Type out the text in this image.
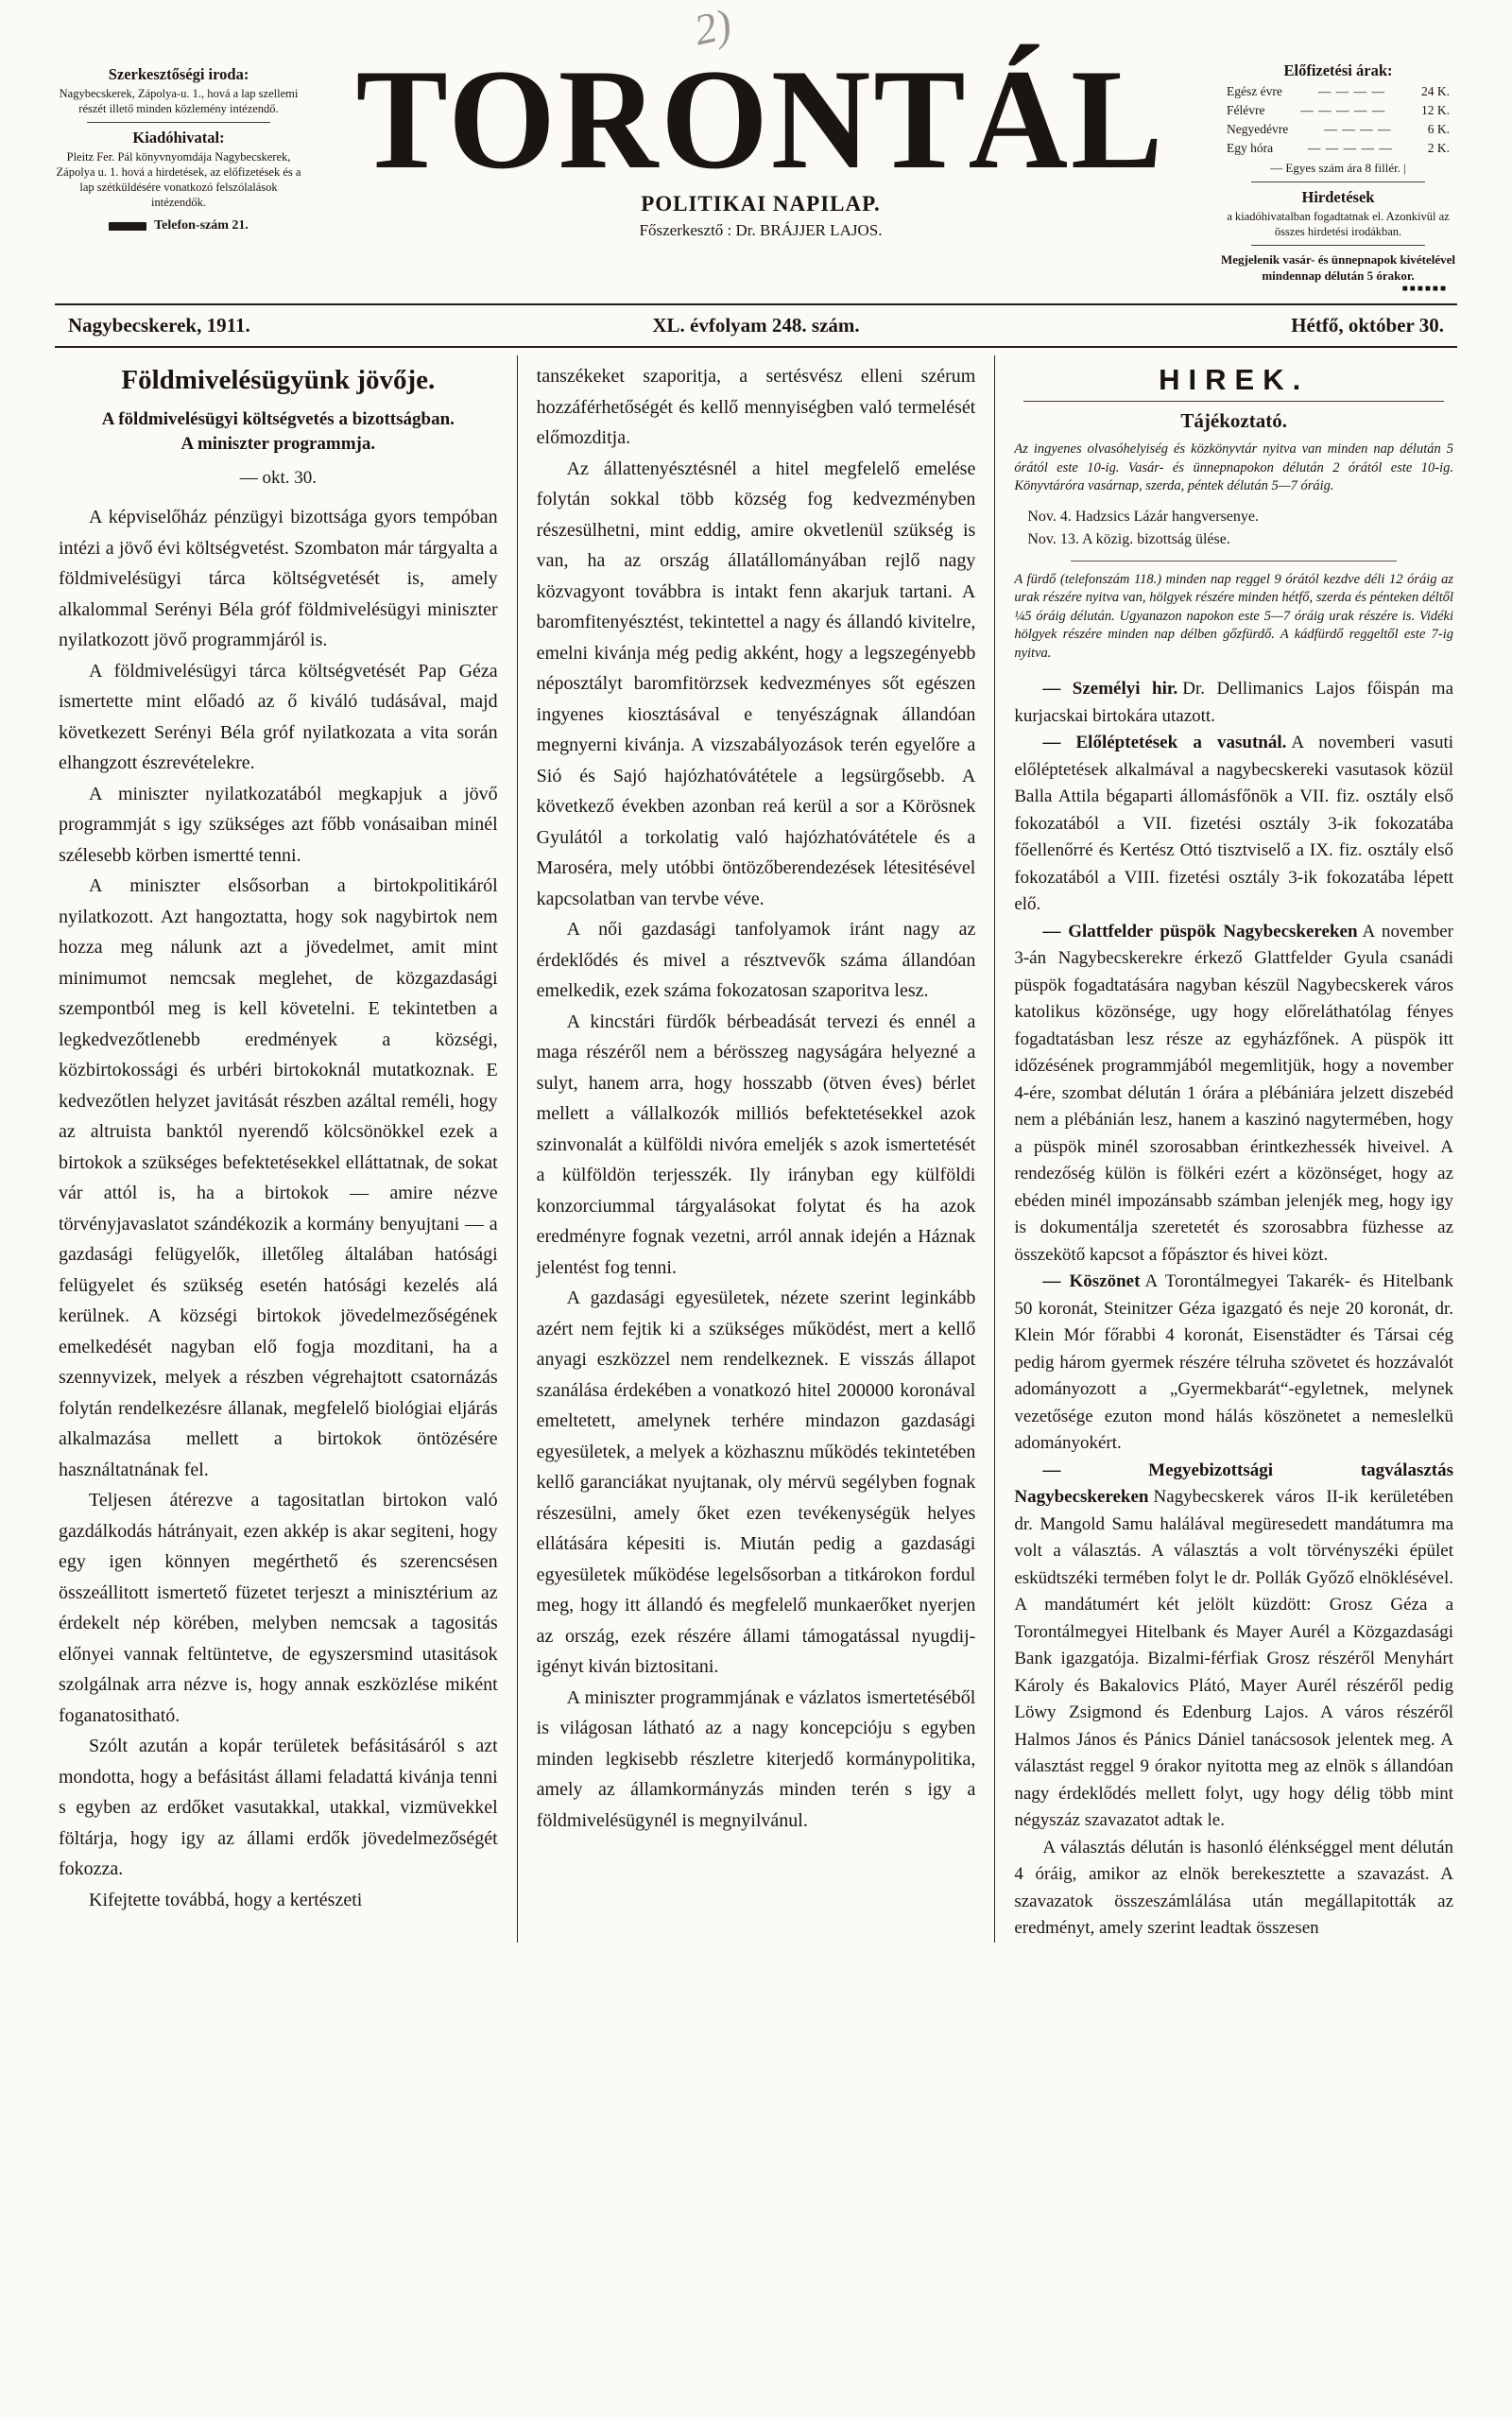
2)
Szerkesztőségi iroda:
Nagybecskerek, Zápolya-u. 1., hová a lap szellemi részét illető minden közlemény intézendő.
Kiadóhivatal:
Pleitz Fer. Pál könyvnyomdája Nagybecskerek, Zápolya u. 1. hová a hirdetések, az előfizetések és a lap szétküldésére vonatkozó felszólalások intézendők.
Telefon-szám 21.
TORONTÁL
POLITIKAI NAPILAP.
Főszerkesztő : Dr. BRÁJJER LAJOS.
Előfizetési árak:
Egész évre	— — — —	24 K.
Félévre	— — — — —	12 K.
Negyedévre	— — — —	6 K.
Egy hóra	— — — — —	2 K.
— Egyes szám ára 8 fillér. |
Hirdetések
a kiadóhivatalban fogadtatnak el. Azonkivül az összes hirdetési irodákban.
Megjelenik vasár- és ünnepnapok kivételével mindennap délután 5 órakor.
■■■■■■
Nagybecskerek, 1911.	XL. évfolyam 248. szám.	Hétfő, október 30.
Földmivelésügyünk jövője.
A földmivelésügyi költségvetés a bizottságban.
A miniszter programmja.
— okt. 30.

A képviselőház pénzügyi bizottsága gyors tempóban intézi a jövő évi költségvetést. Szombaton már tárgyalta a földmivelésügyi tárca költségvetését is, amely alkalommal Serényi Béla gróf földmivelésügyi miniszter nyilatkozott jövő programmjáról is.

A földmivelésügyi tárca költségvetését Pap Géza ismertette mint előadó az ő kiváló tudásával, majd következett Serényi Béla gróf nyilatkozata a vita során elhangzott észrevételekre.

A miniszter nyilatkozatából megkapjuk a jövő programmját s igy szükséges azt főbb vonásaiban minél szélesebb körben ismertté tenni.

A miniszter elsősorban a birtokpolitikáról nyilatkozott. Azt hangoztatta, hogy sok nagybirtok nem hozza meg nálunk azt a jövedelmet, amit mint minimumot nemcsak meglehet, de közgazdasági szempontból meg is kell követelni. E tekintetben a legkedvezőtlenebb eredmények a községi, közbirtokossági és urbéri birtokoknál mutatkoznak. E kedvezőtlen helyzet javitását részben azáltal reméli, hogy az altruista banktól nyerendő kölcsönökkel ezek a birtokok a szükséges befektetésekkel elláttatnak, de sokat vár attól is, ha a birtokok — amire nézve törvényjavaslatot szándékozik a kormány benyujtani — a gazdasági felügyelők, illetőleg általában hatósági felügyelet és szükség esetén hatósági kezelés alá kerülnek. A községi birtokok jövedelmezőségének emelkedését nagyban elő fogja mozditani, ha a szennyvizek, melyek a részben végrehajtott csatornázás folytán rendelkezésre állanak, megfelelő biológiai eljárás alkalmazása mellett a birtokok öntözésére használtatnának fel.

Teljesen átérezve a tagositatlan birtokon való gazdálkodás hátrányait, ezen akkép is akar segiteni, hogy egy igen könnyen megérthető és szerencsésen összeállitott ismertető füzetet terjeszt a minisztérium az érdekelt nép körében, melyben nemcsak a tagositás előnyei vannak feltüntetve, de egyszersmind utasitások szolgálnak arra nézve is, hogy annak eszközlése miként foganatositható.

Szólt azután a kopár területek befásitásáról s azt mondotta, hogy a befásitást állami feladattá kivánja tenni s egyben az erdőket vasutakkal, utakkal, vizmüvekkel föltárja, hogy igy az állami erdők jövedelmezőségét fokozza.

Kifejtette továbbá, hogy a kertészeti

tanszékeket szaporitja, a sertésvész elleni szérum hozzáférhetőségét és kellő mennyiségben való termelését előmozditja.

Az állattenyésztésnél a hitel megfelelő emelése folytán sokkal több község fog kedvezményben részesülhetni, mint eddig, amire okvetlenül szükség is van, ha az ország állatállományában rejlő nagy közvagyont továbbra is intakt fenn akarjuk tartani. A baromfitenyésztést, tekintettel a nagy és állandó kivitelre, emelni kivánja még pedig akként, hogy a legszegényebb néposztályt baromfitörzsek kedvezményes sőt egészen ingyenes kiosztásával e tenyészágnak állandóan megnyerni kivánja. A vizszabályozások terén egyelőre a Sió és Sajó hajózhatóvátétele a legsürgősebb. A következő években azonban reá kerül a sor a Körösnek Gyulától a torkolatig való hajózhatóvátétele és a Maroséra, mely utóbbi öntözőberendezések létesitésével kapcsolatban van tervbe véve.

A női gazdasági tanfolyamok iránt nagy az érdeklődés és mivel a résztvevők száma állandóan emelkedik, ezek száma fokozatosan szaporitva lesz.

A kincstári fürdők bérbeadását tervezi és ennél a maga részéről nem a bérösszeg nagyságára helyezné a sulyt, hanem arra, hogy hosszabb (ötven éves) bérlet mellett a vállalkozók milliós befektetésekkel azok szinvonalát a külföldi nivóra emeljék s azok ismertetését a külföldön terjesszék. Ily irányban egy külföldi konzorciummal tárgyalásokat folytat és ha azok eredményre fognak vezetni, arról annak idején a Háznak jelentést fog tenni.

A gazdasági egyesületek, nézete szerint leginkább azért nem fejtik ki a szükséges működést, mert a kellő anyagi eszközzel nem rendelkeznek. E visszás állapot szanálása érdekében a vonatkozó hitel 200000 koronával emeltetett, amelynek terhére mindazon gazdasági egyesületek, a melyek a közhasznu működés tekintetében kellő garanciákat nyujtanak, oly mérvü segélyben fognak részesülni, amely őket ezen tevékenységük helyes ellátására képesiti is. Miután pedig a gazdasági egyesületek működése legelsősorban a titkárokon fordul meg, hogy itt állandó és megfelelő munkaerőket nyerjen az ország, ezek részére állami támogatással nyugdij-igényt kiván biztositani.

A miniszter programmjának e vázlatos ismertetéséből is világosan látható az a nagy koncepcióju s egyben minden legkisebb részletre kiterjedő kormánypolitika, amely az államkormányzás minden terén s igy a földmivelésügynél is megnyilvánul.

HIREK.
Tájékoztató.

Az ingyenes olvasóhelyiség és közkönyvtár nyitva van minden nap délután 5 órától este 10-ig. Vasár- és ünnepnapokon délután 2 órától este 10-ig. Könyvtáróra vasárnap, szerda, péntek délután 5—7 óráig.

Nov. 4. Hadzsics Lázár hangversenye.

Nov. 13. A közig. bizottság ülése.

A fürdő (telefonszám 118.) minden nap reggel 9 órától kezdve déli 12 óráig az urak részére nyitva van, hölgyek részére minden hétfő, szerda és pénteken déltől ¼5 óráig délután. Ugyanazon napokon este 5—7 óráig urak részére is. Vidéki hölgyek részére minden nap délben gőzfürdő. A kádfürdő reggeltől este 7-ig nyitva.

— Személyi hir. Dr. Dellimanics Lajos főispán ma kurjacskai birtokára utazott.

— Előléptetések a vasutnál. A novemberi vasuti előléptetések alkalmával a nagybecskereki vasutasok közül Balla Attila bégaparti állomásfőnök a VII. fiz. osztály első fokozatából a VII. fizetési osztály 3-ik fokozatába főellenőrré és Kertész Ottó tisztviselő a IX. fiz. osztály első fokozatából a VIII. fizetési osztály 3-ik fokozatába lépett elő.

— Glattfelder püspök Nagybecskereken A november 3-án Nagybecskerekre érkező Glattfelder Gyula csanádi püspök fogadtatására nagyban készül Nagybecskerek város katolikus közönsége, ugy hogy előreláthatólag fényes fogadtatásban lesz része az egyházfőnek. A püspök itt időzésének programmjából megemlitjük, hogy a november 4-ére, szombat délután 1 órára a plébániára jelzett diszebéd nem a plébánián lesz, hanem a kaszinó nagytermében, hogy a püspök minél szorosabban érintkezhessék hiveivel. A rendezőség külön is fölkéri ezért a közönséget, hogy az ebéden minél impozánsabb számban jelenjék meg, hogy igy is dokumentálja szeretetét és szorosabbra füzhesse az összekötő kapcsot a főpásztor és hivei közt.

— Köszönet A Torontálmegyei Takarék- és Hitelbank 50 koronát, Steinitzer Géza igazgató és neje 20 koronát, dr. Klein Mór főrabbi 4 koronát, Eisenstädter és Társai cég pedig három gyermek részére télruha szövetet és hozzávalót adományozott a „Gyermekbarát“-egyletnek, melynek vezetősége ezuton mond hálás köszönetet a nemeslelkü adományokért.

— Megyebizottsági tagválasztás Nagybecskereken Nagybecskerek város II-ik kerületében dr. Mangold Samu halálával megüresedett mandátumra ma volt a választás. A választás a volt törvényszéki épület esküdtszéki termében folyt le dr. Pollák Győző elnöklésével. A mandátumért két jelölt küzdött: Grosz Géza a Torontálmegyei Hitelbank és Mayer Aurél a Közgazdasági Bank igazgatója. Bizalmi-férfiak Grosz részéről Menyhárt Károly és Bakalovics Plátó, Mayer Aurél részéről pedig Löwy Zsigmond és Edenburg Lajos. A város részéről Halmos János és Pánics Dániel tanácsosok jelentek meg. A választást reggel 9 órakor nyitotta meg az elnök s állandóan nagy érdeklődés mellett folyt, ugy hogy délig több mint négyszáz szavazatot adtak le.

A választás délután is hasonló élénkséggel ment délután 4 óráig, amikor az elnök berekesztette a szavazást. A szavazatok összeszámlálása után megállapitották az eredményt, amely szerint leadtak összesen
